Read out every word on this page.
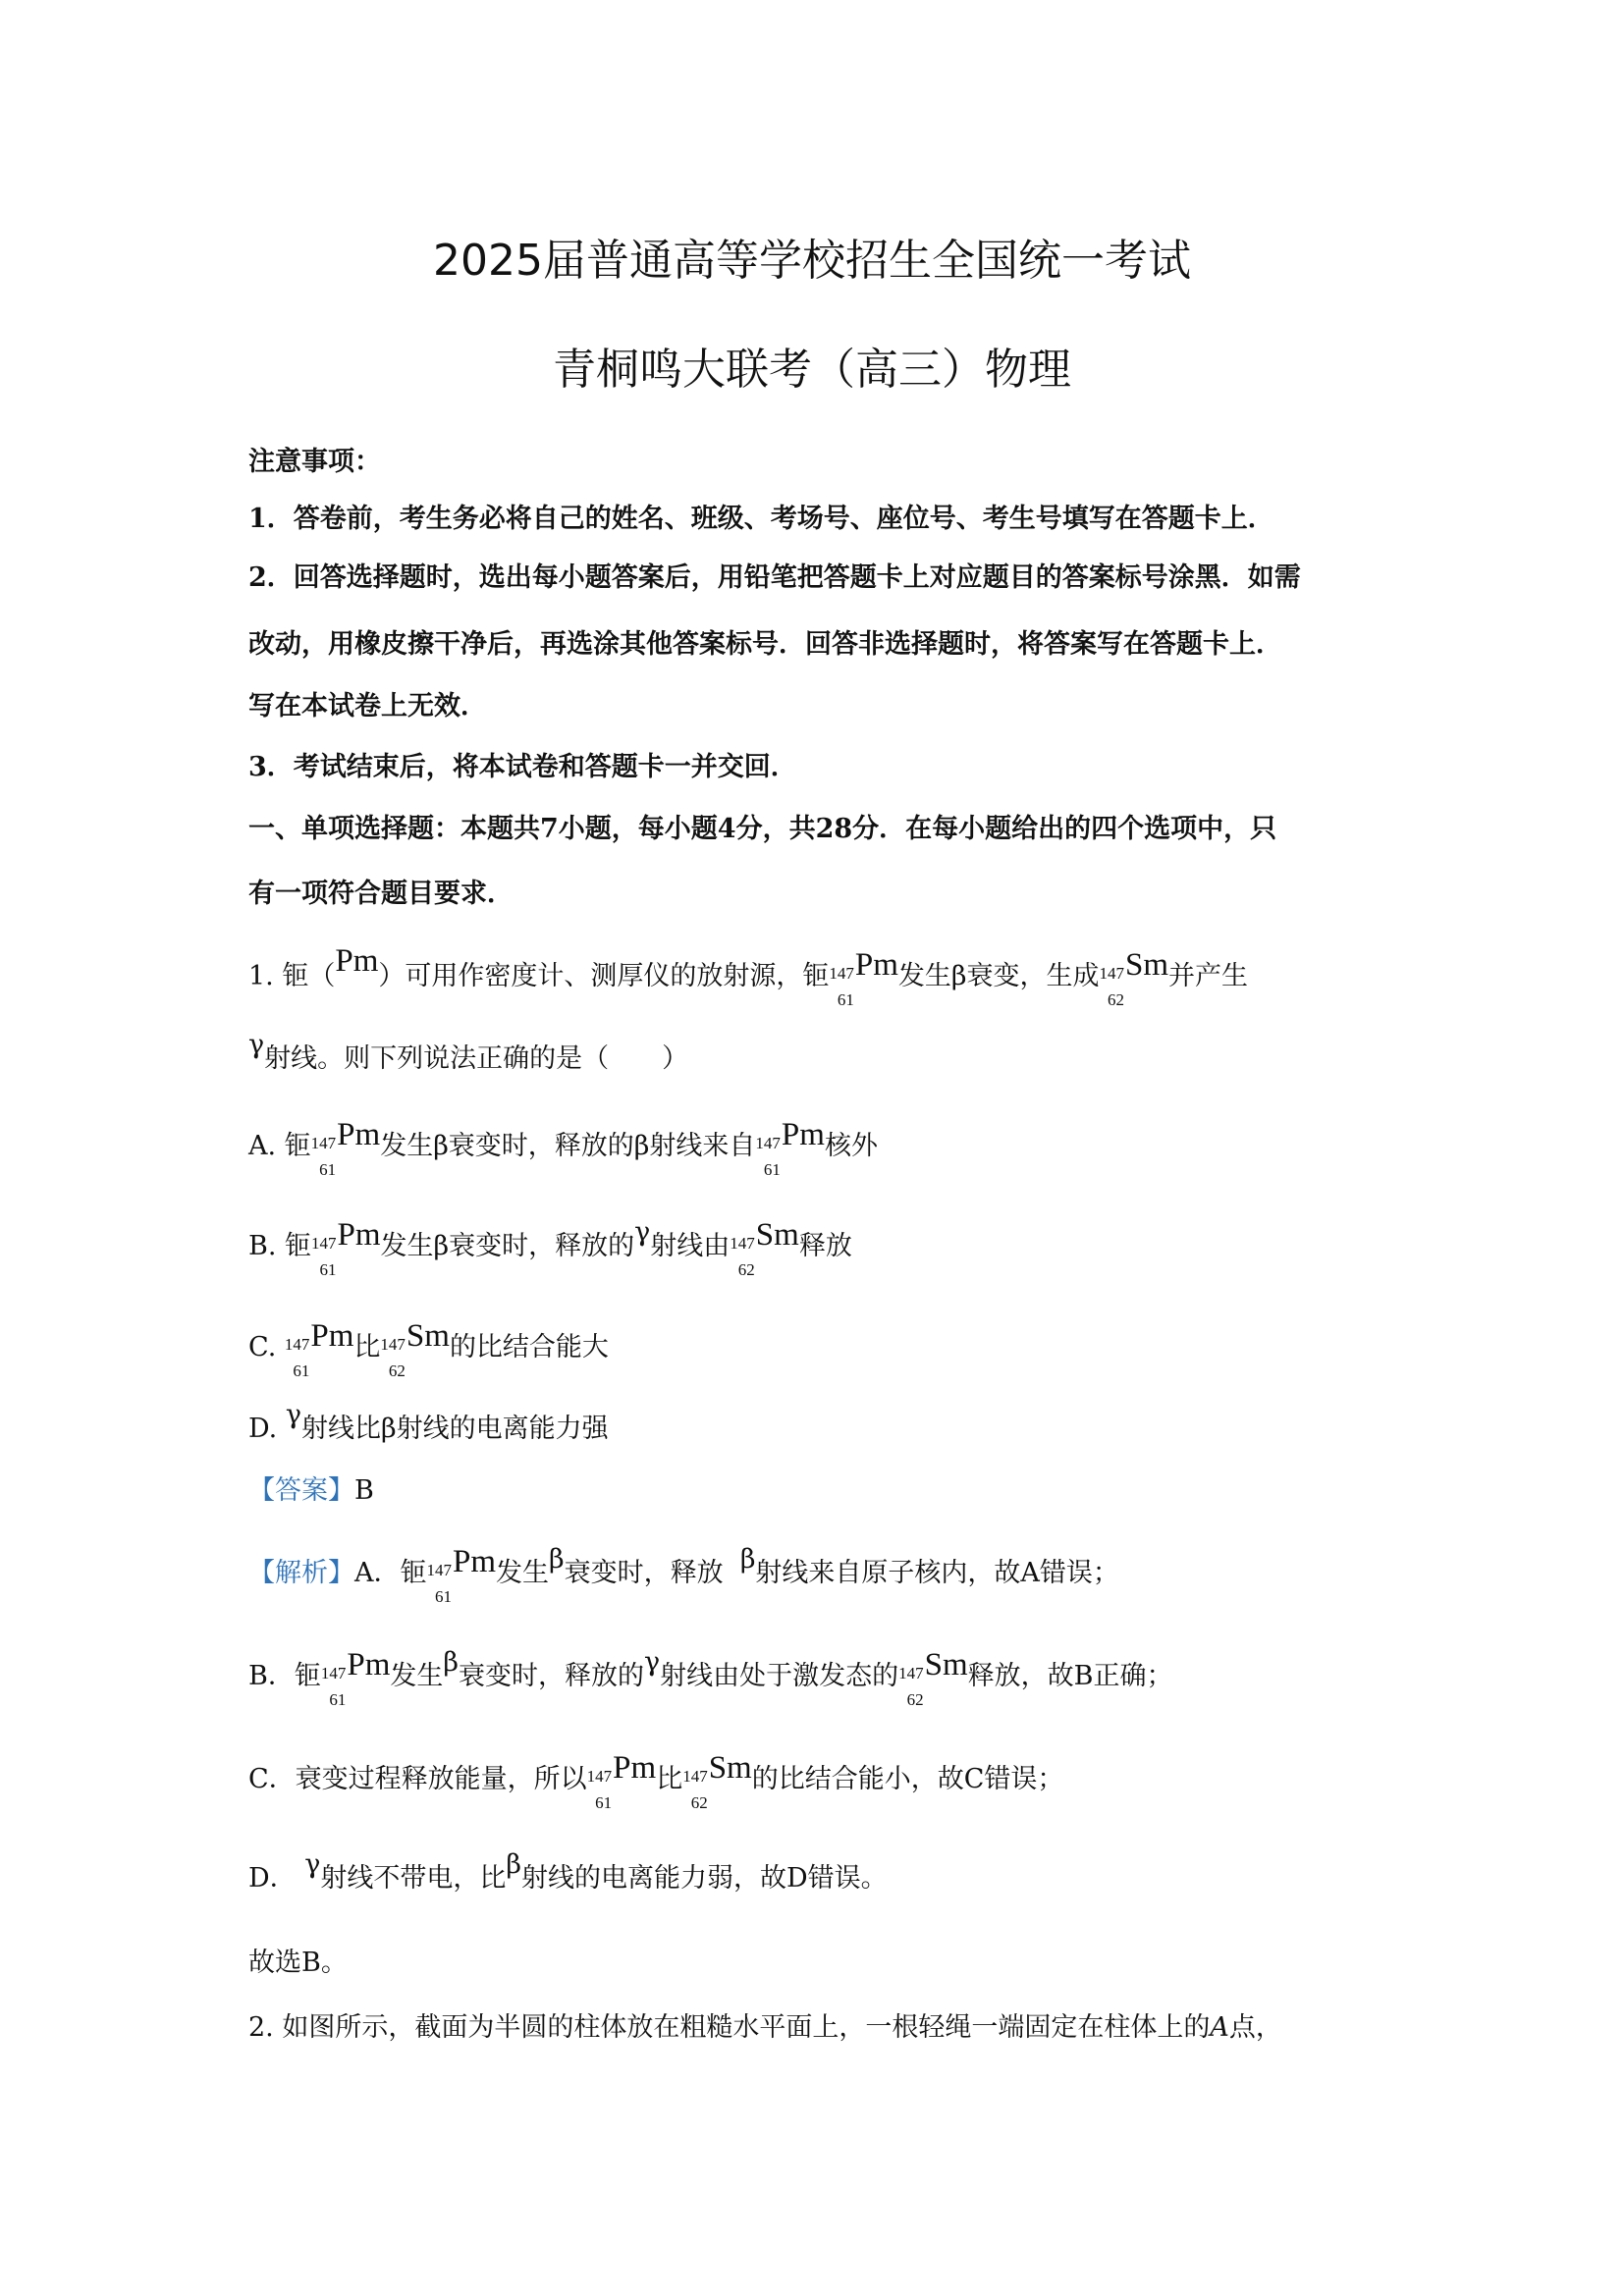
2025届普通高等学校招生全国统一考试
青桐鸣大联考（高三）物理
注意事项：
1．答卷前，考生务必将自己的姓名、班级、考场号、座位号、考生号填写在答题卡上．
2．回答选择题时，选出每小题答案后，用铅笔把答题卡上对应题目的答案标号涂黑．如需
改动，用橡皮擦干净后，再选涂其他答案标号．回答非选择题时，将答案写在答题卡上．
写在本试卷上无效．
3．考试结束后，将本试卷和答题卡一并交回．
一、单项选择题：本题共7小题，每小题4分，共28分．在每小题给出的四个选项中，只
有一项符合题目要求．
1. 钷（Pm）可用作密度计、测厚仪的放射源，钷 147
61
Pm发生β衰变，生成 147
62
Sm并产生
γ射线。则下列说法正确的是（　　）
A. 钷 147
61
Pm发生β衰变时，释放的β射线来自 147
61
Pm核外
B. 钷 147
61
Pm发生β衰变时，释放的γ射线由 147
62
Sm释放
C. 147
61
Pm比 147
62
Sm的比结合能大
D. γ射线比β射线的电离能力强
【答案】B
【解析】A．钷 147
61
Pm发生β衰变时，释放 β射线来自原子核内，故A错误；
B．钷 147
61
Pm发生β衰变时，释放的γ射线由处于激发态的 147
62
Sm释放，故B正确；
C．衰变过程释放能量，所以 147
61
Pm比 147
62
Sm的比结合能小，故C错误；
D． γ射线不带电，比β射线的电离能力弱，故D错误。
故选B。
2. 如图所示，截面为半圆的柱体放在粗糙水平面上，一根轻绳一端固定在柱体上的A点，
